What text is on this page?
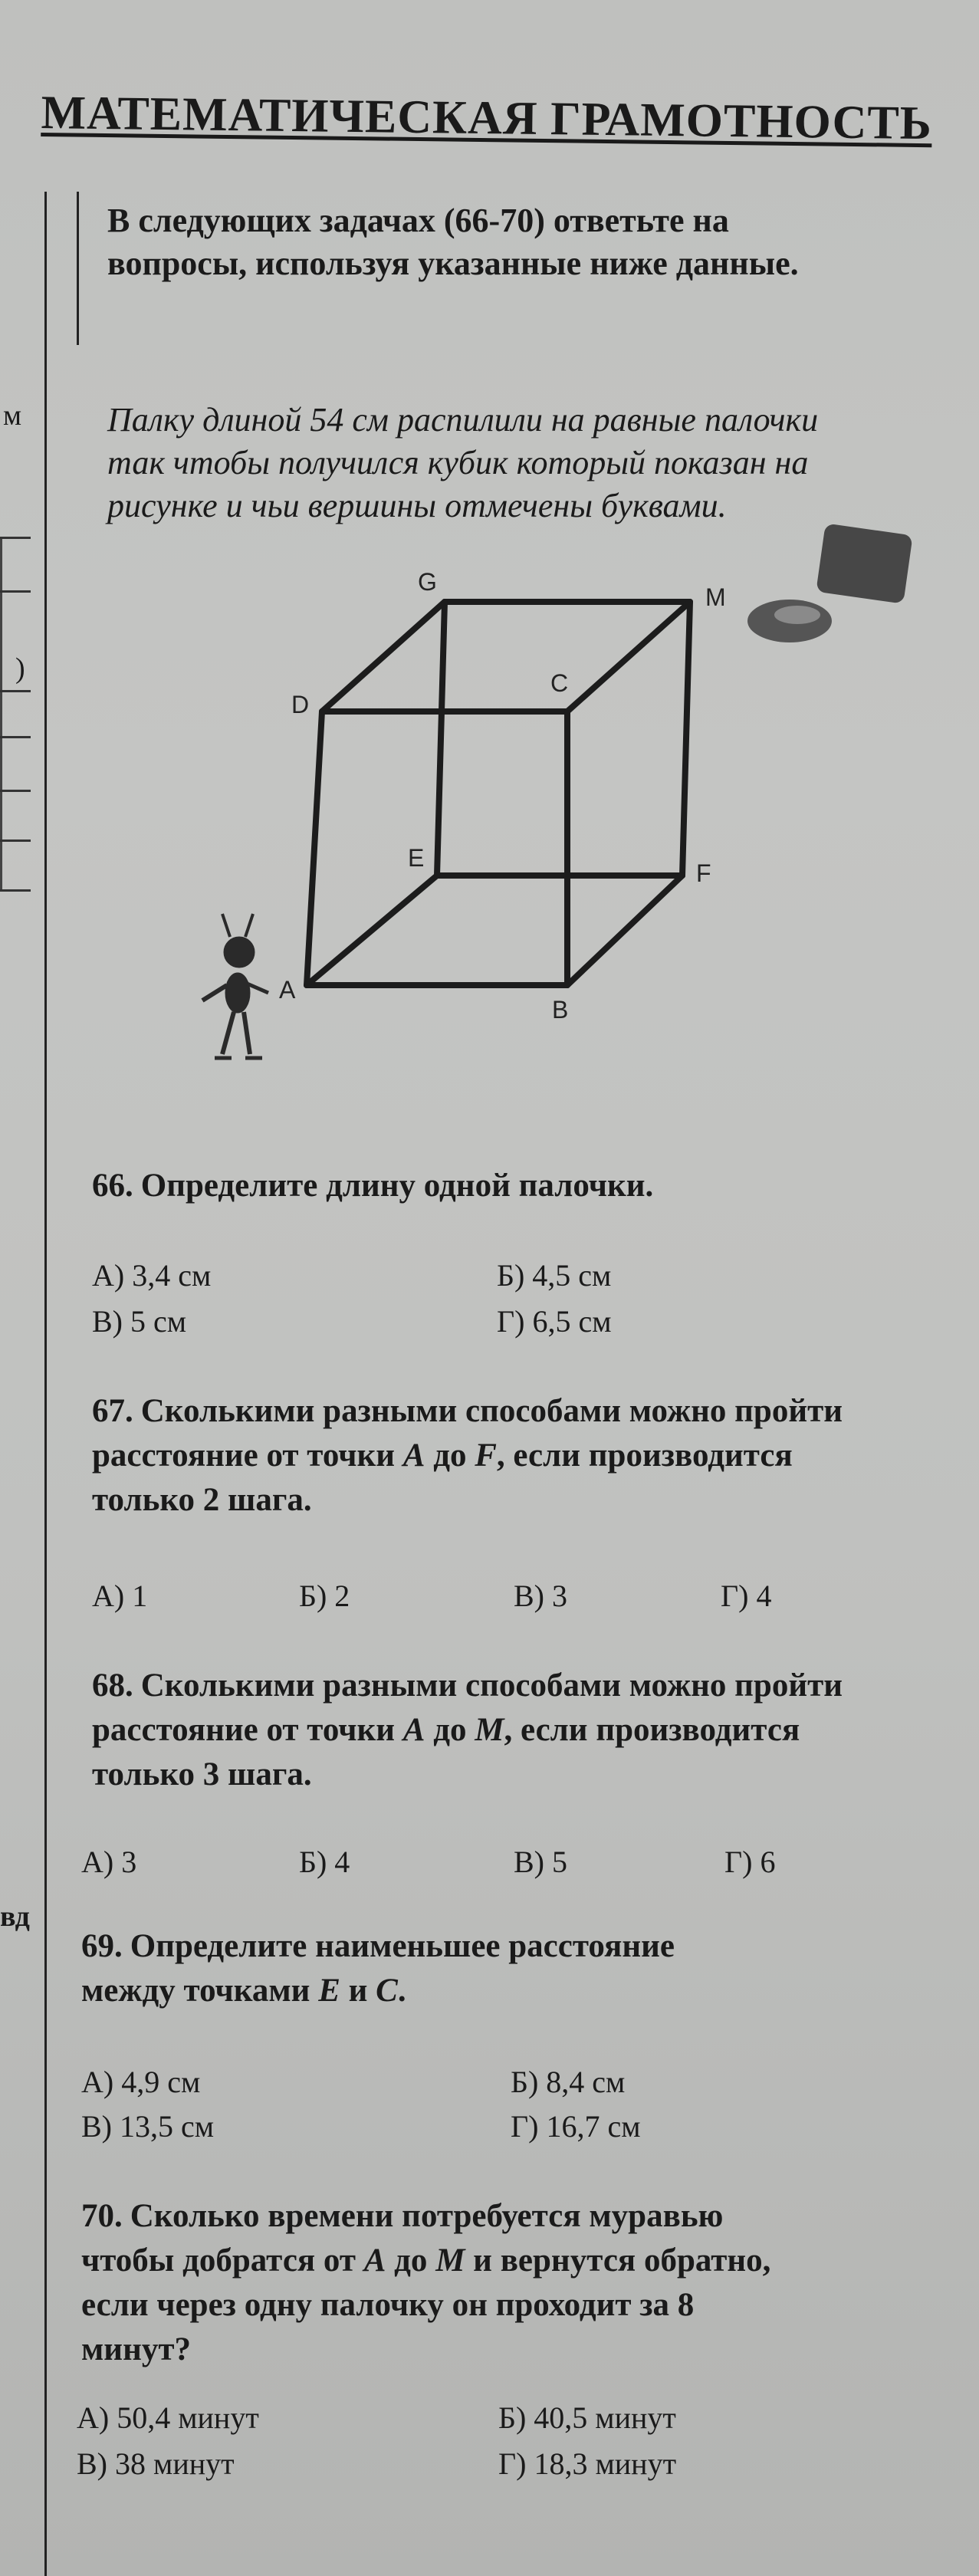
МАТЕМАТИЧЕСКАЯ ГРАМОТНОСТЬ
м
)
вд
В следующих задачах (66-70) ответьте на вопросы, используя указанные ниже данные.
Палку длиной 54 см распилили на равные палочки так чтобы получился кубик который показан на рисунке и чьи вершины отмечены буквами.
G
M
D
C
E
F
A
B
66. Определите длину одной палочки.
А) 3,4 см	Б) 4,5 см
В) 5 см	Г) 6,5 см
67. Сколькими разными способами можно пройти расстояние от точки A до F, если производится только 2 шага.
А) 1	Б) 2	В) 3	Г) 4
68. Сколькими разными способами можно пройти расстояние от точки A до M, если производится только 3 шага.
А) 3	Б) 4	В) 5	Г) 6
69. Определите наименьшее расстояние между точками E и C.
А) 4,9 см	Б) 8,4 см
В) 13,5 см	Г) 16,7 см
70. Сколько времени потребуется муравью чтобы добратся от A до M и вернутся обратно, если через одну палочку он проходит за 8 минут?
А) 50,4 минут	Б) 40,5 минут
В) 38 минут	Г) 18,3 минут
